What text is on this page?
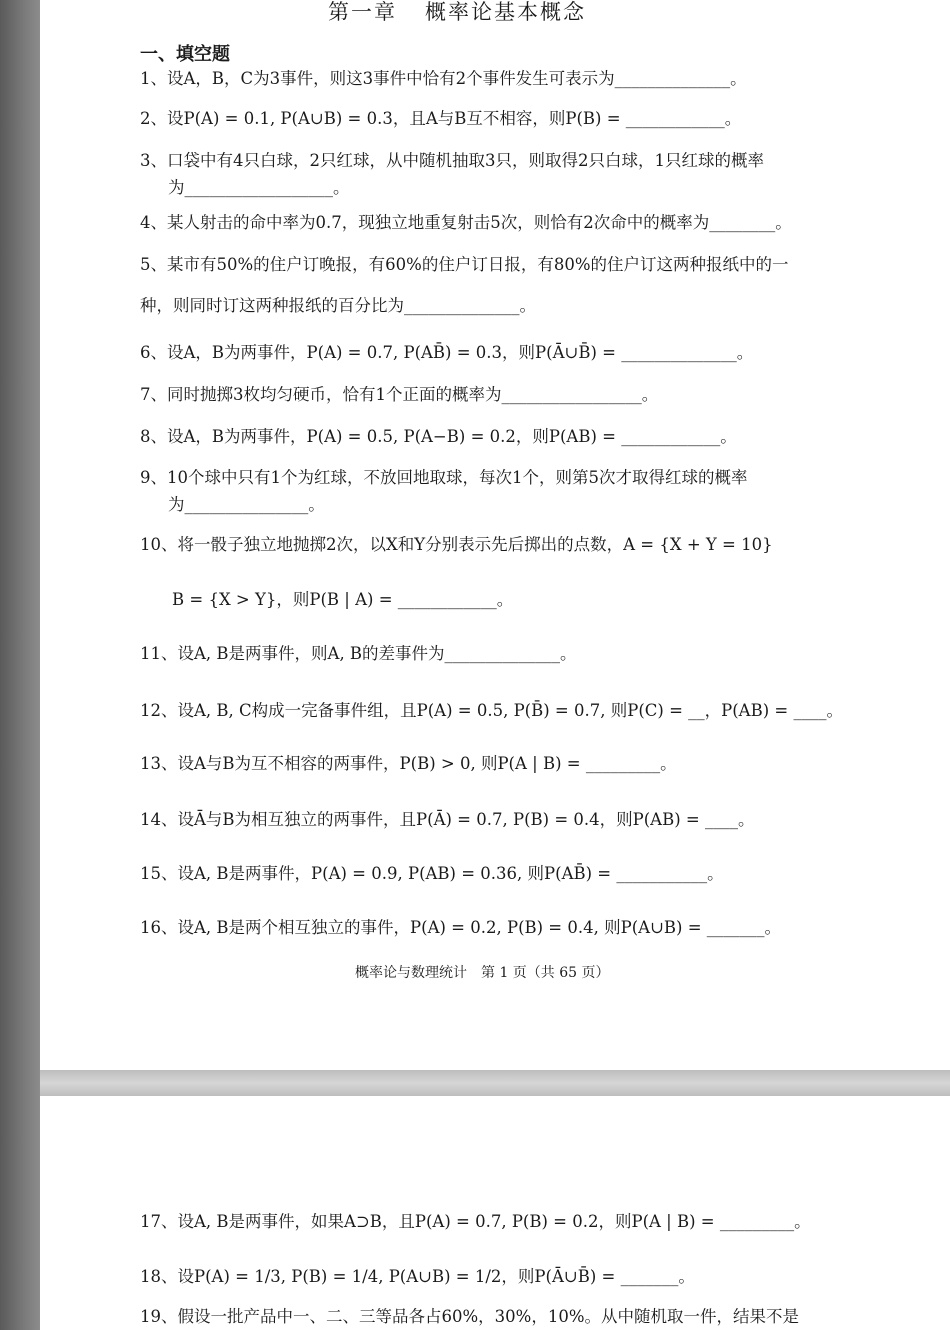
第一章 概率论基本概念
一、填空题
1、设A，B，C为3事件，则这3事件中恰有2个事件发生可表示为______________。
2、设P(A) = 0.1, P(A∪B) = 0.3，且A与B互不相容，则P(B) = ____________。
3、口袋中有4只白球，2只红球，从中随机抽取3只，则取得2只白球，1只红球的概率
为__________________。
4、某人射击的命中率为0.7，现独立地重复射击5次，则恰有2次命中的概率为________。
5、某市有50%的住户订晚报，有60%的住户订日报，有80%的住户订这两种报纸中的一
种，则同时订这两种报纸的百分比为______________。
6、设A，B为两事件，P(A) = 0.7, P(AB̄) = 0.3，则P(Ā∪B̄) = ______________。
7、同时抛掷3枚均匀硬币，恰有1个正面的概率为_________________。
8、设A，B为两事件，P(A) = 0.5, P(A−B) = 0.2，则P(AB) = ____________。
9、10个球中只有1个为红球，不放回地取球，每次1个，则第5次才取得红球的概率
为_______________。
10、将一骰子独立地抛掷2次，以X和Y分别表示先后掷出的点数，A = {X + Y = 10}
B = {X > Y}，则P(B | A) = ____________。
11、设A, B是两事件，则A, B的差事件为______________。
12、设A, B, C构成一完备事件组，且P(A) = 0.5, P(B̄) = 0.7, 则P(C) = __，P(AB) = ____。
13、设A与B为互不相容的两事件，P(B) > 0, 则P(A | B) = _________。
14、设Ā与B为相互独立的两事件，且P(Ā) = 0.7, P(B) = 0.4，则P(AB) = ____。
15、设A, B是两事件，P(A) = 0.9, P(AB) = 0.36, 则P(AB̄) = ___________。
16、设A, B是两个相互独立的事件，P(A) = 0.2, P(B) = 0.4, 则P(A∪B) = _______。
概率论与数理统计 第 1 页（共 65 页）
17、设A, B是两事件，如果A⊃B，且P(A) = 0.7, P(B) = 0.2，则P(A | B) = _________。
18、设P(A) = 1/3, P(B) = 1/4, P(A∪B) = 1/2，则P(Ā∪B̄) = _______。
19、假设一批产品中一、二、三等品各占60%，30%，10%。从中随机取一件，结果不是
